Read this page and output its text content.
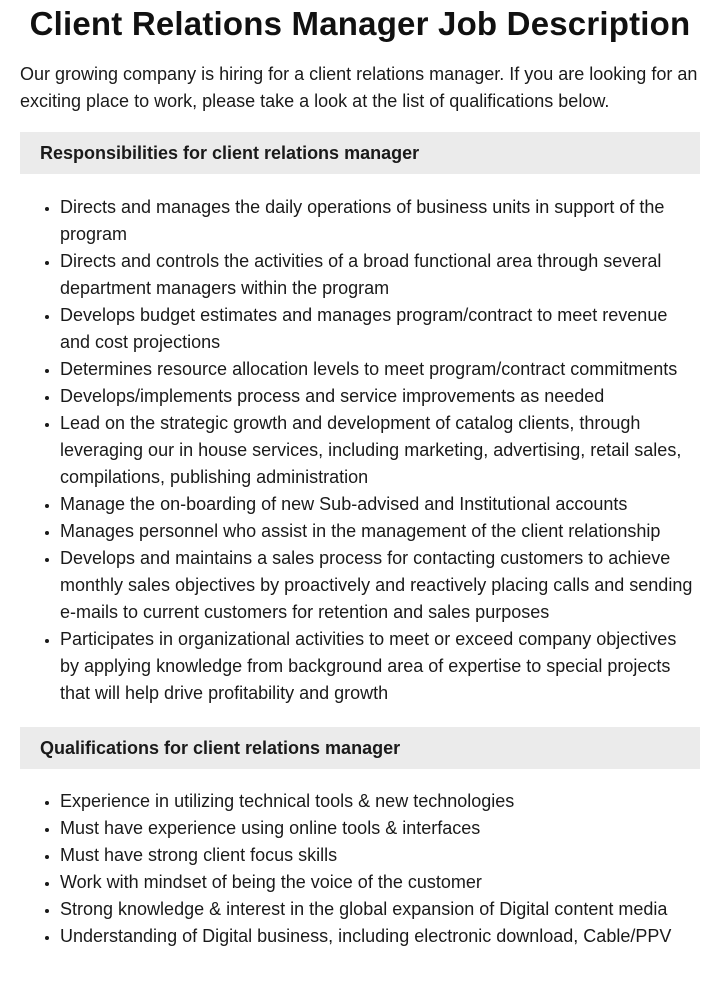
Client Relations Manager Job Description

Our growing company is hiring for a client relations manager. If you are looking for an exciting place to work, please take a look at the list of qualifications below.

Responsibilities for client relations manager
• Directs and manages the daily operations of business units in support of the program
• Directs and controls the activities of a broad functional area through several department managers within the program
• Develops budget estimates and manages program/contract to meet revenue and cost projections
• Determines resource allocation levels to meet program/contract commitments
• Develops/implements process and service improvements as needed
• Lead on the strategic growth and development of catalog clients, through leveraging our in house services, including marketing, advertising, retail sales, compilations, publishing administration
• Manage the on-boarding of new Sub-advised and Institutional accounts
• Manages personnel who assist in the management of the client relationship
• Develops and maintains a sales process for contacting customers to achieve monthly sales objectives by proactively and reactively placing calls and sending e-mails to current customers for retention and sales purposes
• Participates in organizational activities to meet or exceed company objectives by applying knowledge from background area of expertise to special projects that will help drive profitability and growth
Qualifications for client relations manager
• Experience in utilizing technical tools & new technologies
• Must have experience using online tools & interfaces
• Must have strong client focus skills
• Work with mindset of being the voice of the customer
• Strong knowledge & interest in the global expansion of Digital content media
• Understanding of Digital business, including electronic download, Cable/PPV
